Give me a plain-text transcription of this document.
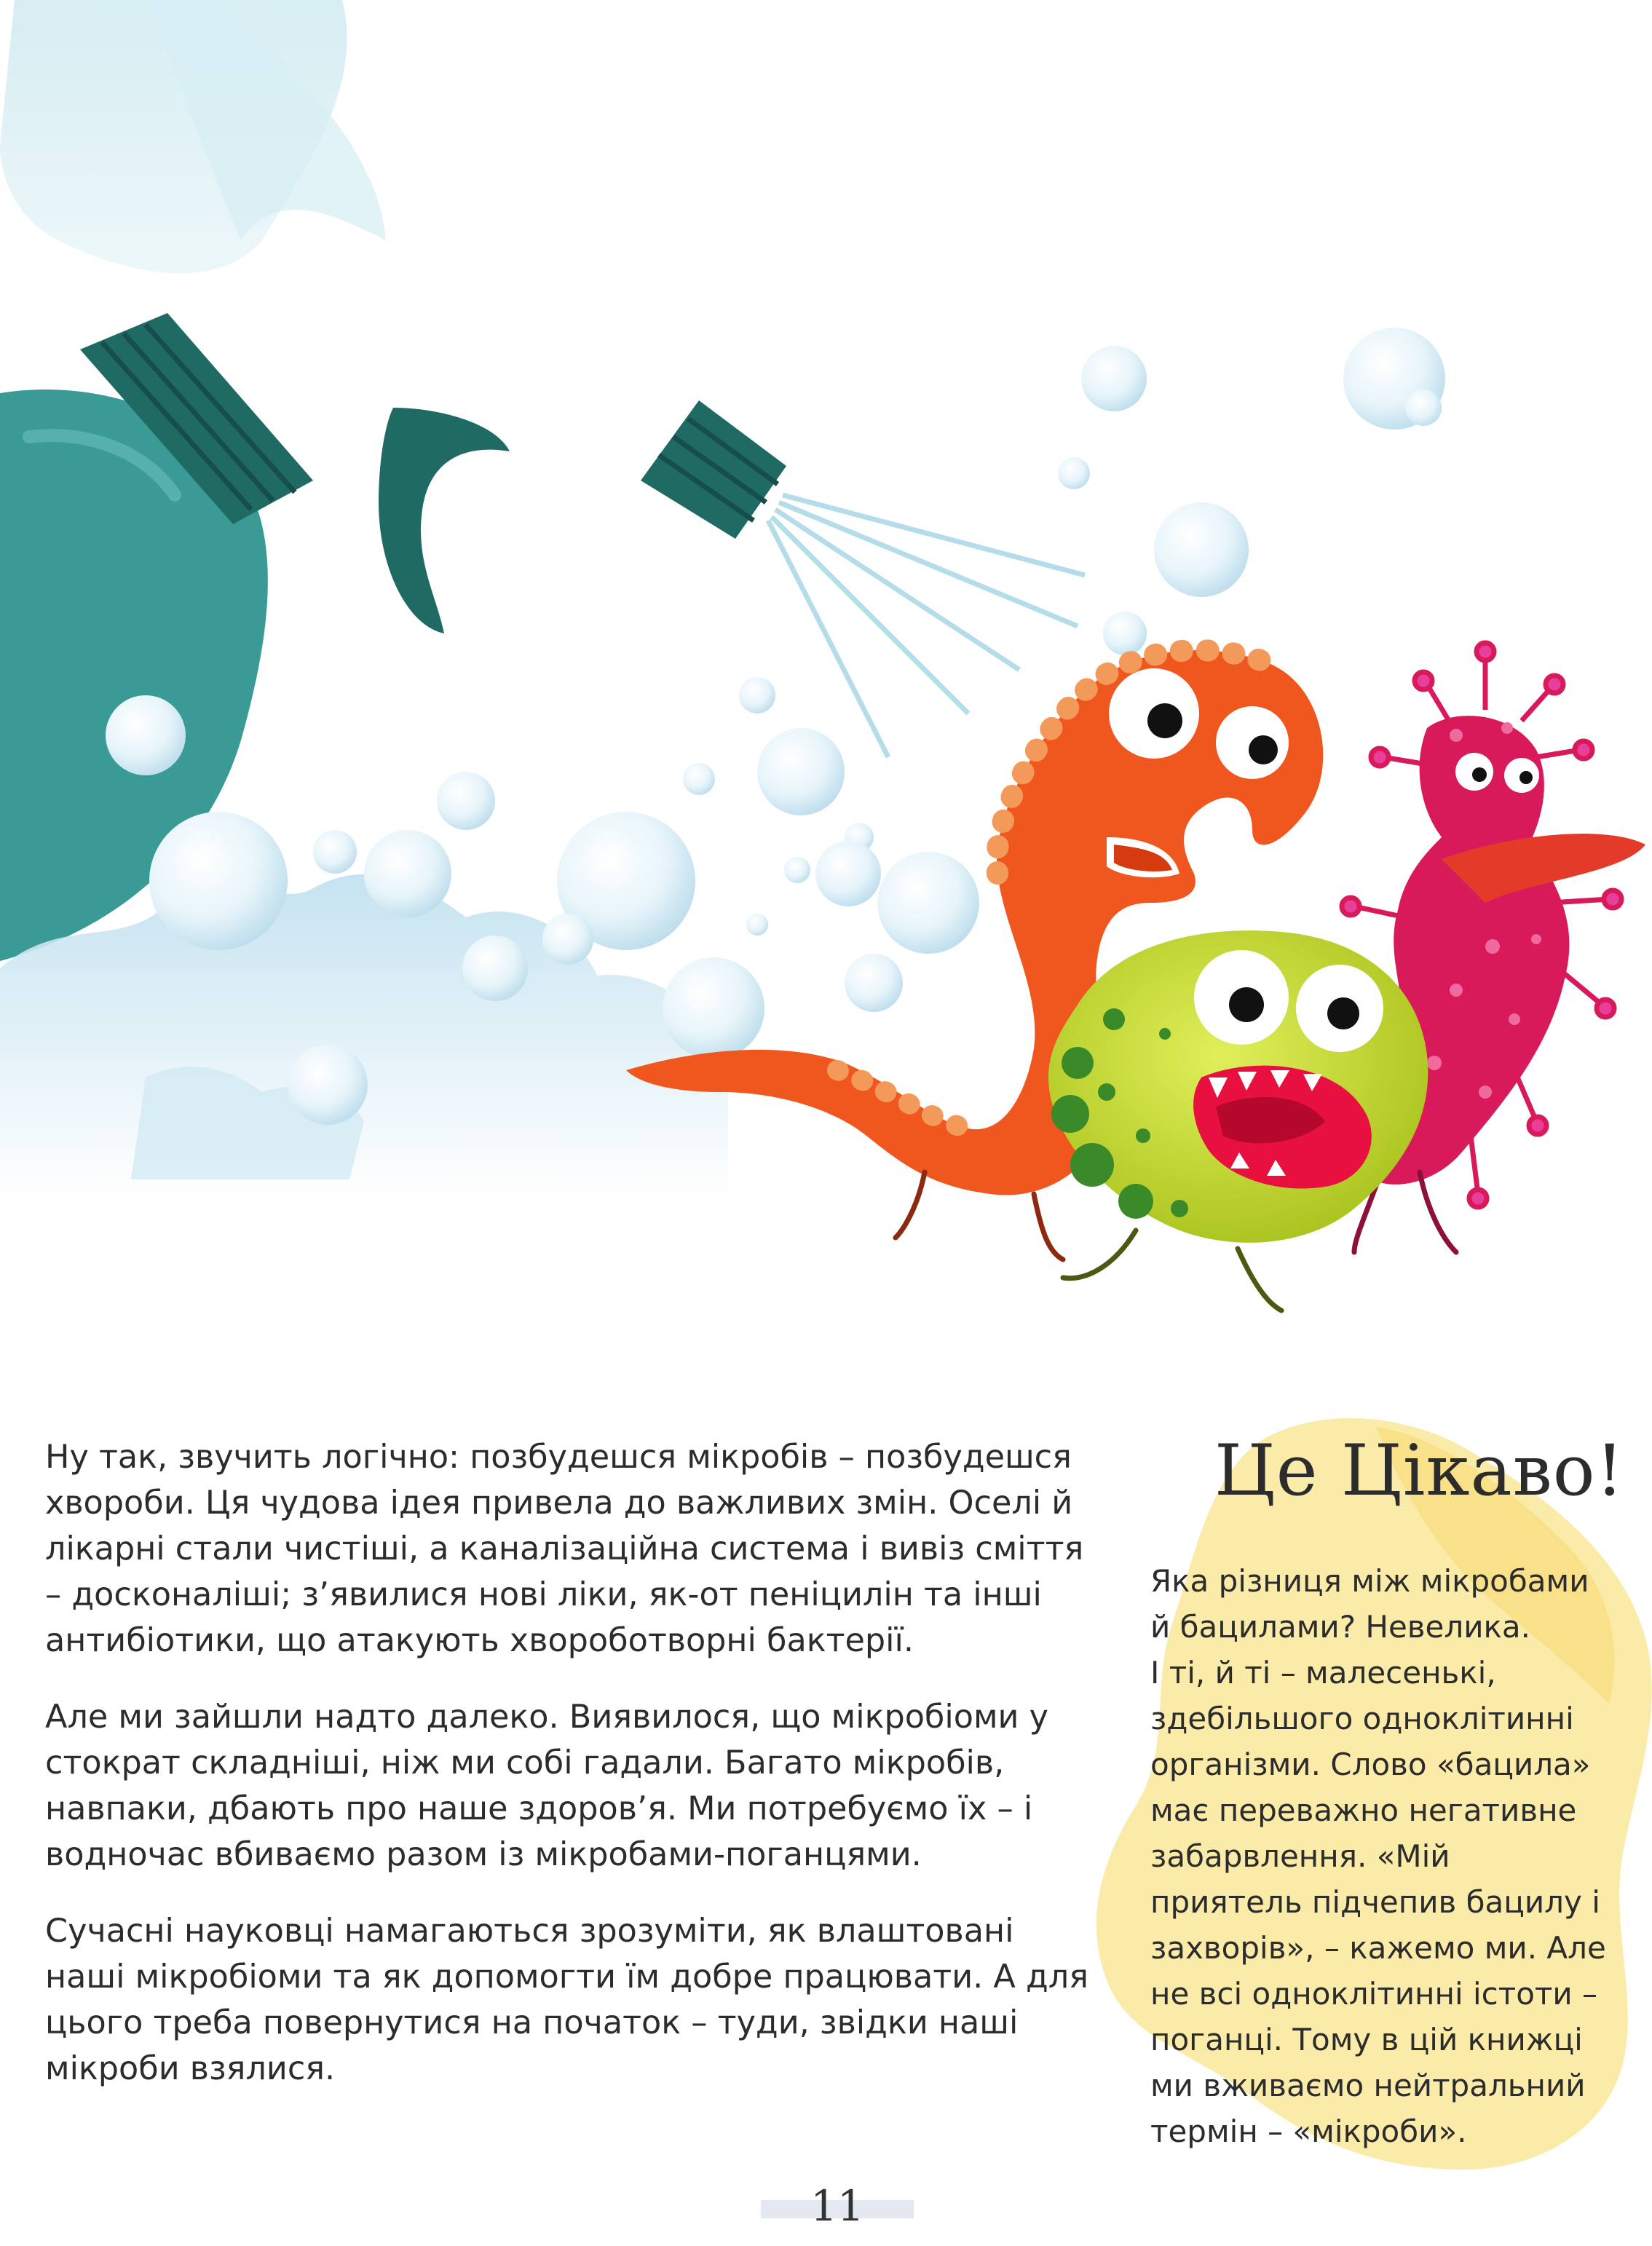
Ну так, звучить логічно: позбудешся мікробів – позбудешся хвороби. Ця чудова ідея привела до важливих змін. Оселі й лікарні стали чистіші, а каналізаційна система і вивіз сміття – досконаліші; з’явилися нові ліки, як-от пеніцилін та інші антибіотики, що атакують хвороботворні бактерії.

Але ми зайшли надто далеко. Виявилося, що мікробіоми у стократ складніші, ніж ми собі гадали. Багато мікробів, навпаки, дбають про наше здоров’я. Ми потребуємо їх – і водночас вбиваємо разом із мікробами-поганцями.

Сучасні науковці намагаються зрозуміти, як влаштовані наші мікробіоми та як допомогти їм добре працювати. А для цього треба повернутися на початок – туди, звідки наші мікроби взялися.

Це Цікаво!
Яка різниця між мікробами
й бацилами? Невелика.
І ті, й ті – малесенькі,
здебільшого одноклітинні
організми. Слово «бацила»
має переважно негативне
забарвлення. «Мій
приятель підчепив бацилу і
захворів», – кажемо ми. Але
не всі одноклітинні істоти –
поганці. Тому в цій книжці
ми вживаємо нейтральний
термін – «мікроби».
11
